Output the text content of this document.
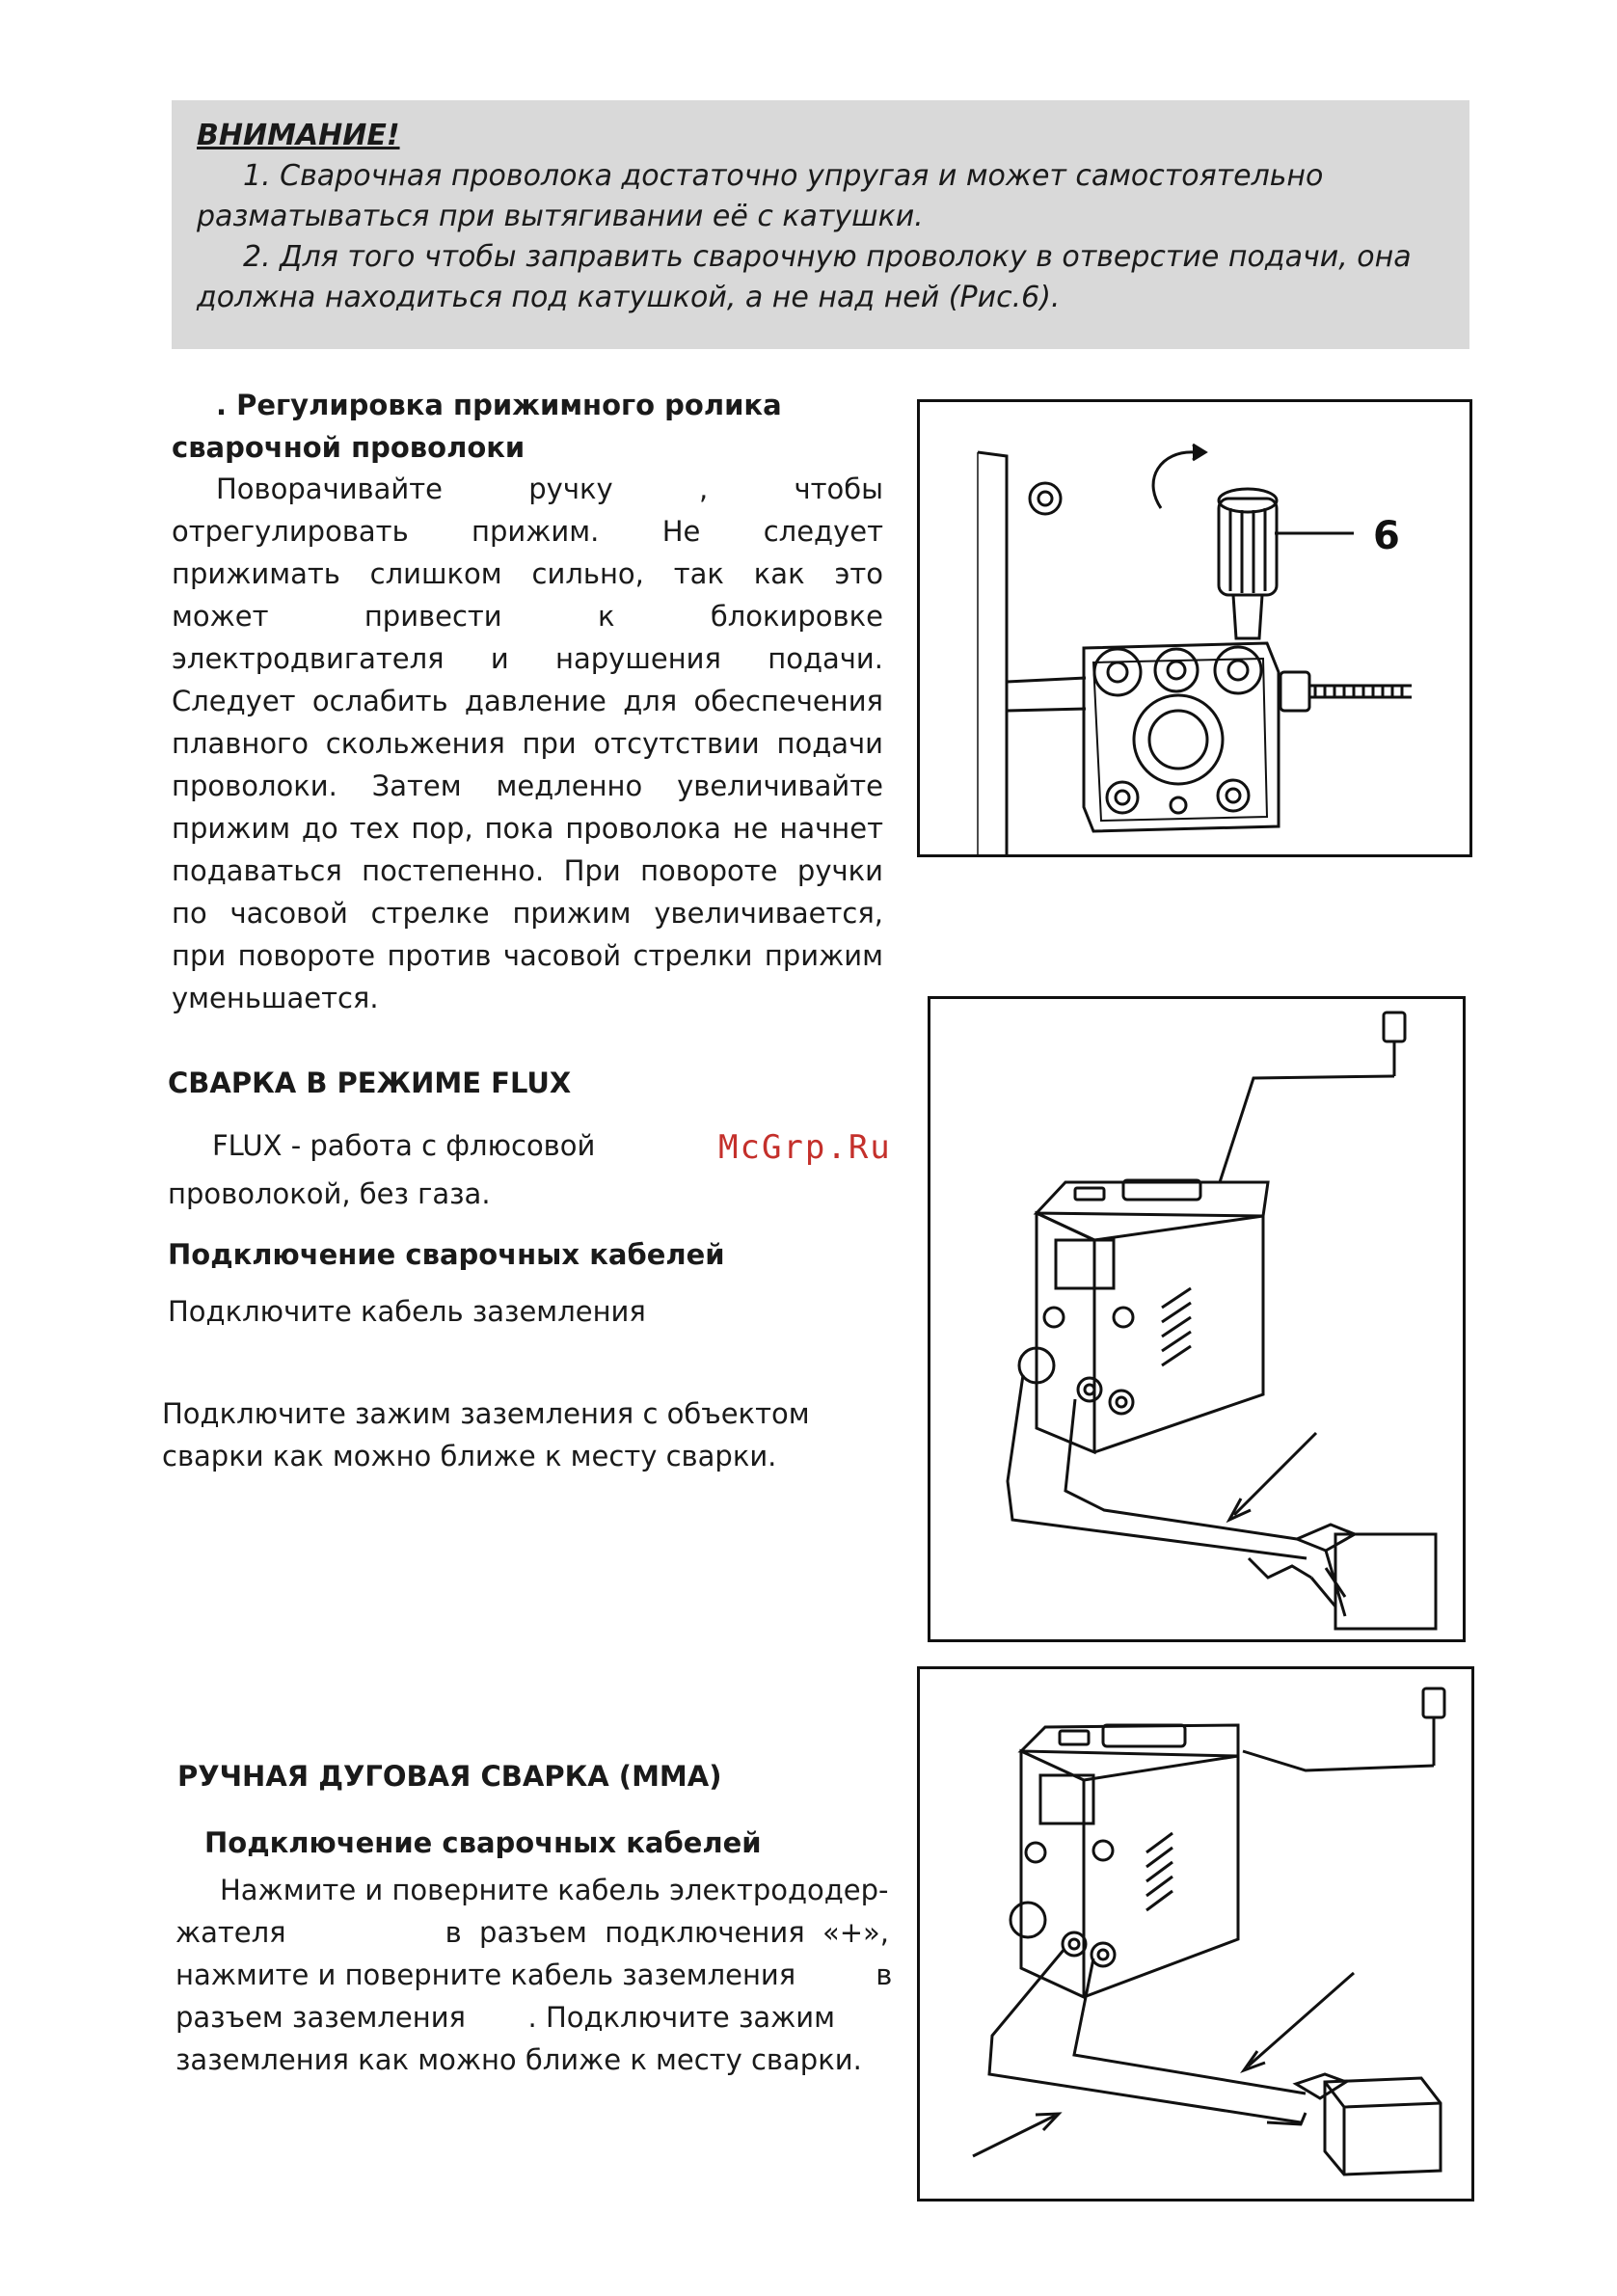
ВНИМАНИЕ!

1. Сварочная проволока достаточно упругая и может самостоятельно разматываться при вытягивании её с катушки.

2. Для того чтобы заправить сварочную проволоку в отверстие подачи, она должна находиться под катушкой, а не над ней (Рис.6).

. Регулировка прижимного ролика сварочной проволоки
Поворачивайте ручку , чтобы отрегулировать прижим. Не следует прижимать слишком сильно, так как это может привести к блокировке электродвигателя и нарушения подачи. Следует ослабить давление для обеспечения плавного скольжения при отсутствии подачи проволоки. Затем медленно увеличивайте прижим до тех пор, пока проволока не начнет подаваться постепенно. При повороте ручки по часовой стрелке прижим увеличивается, при повороте против часовой стрелки прижим уменьшается.
6
СВАРКА В РЕЖИМЕ FLUX
FLUX - работа с флюсовой
проволокой, без газа.
Подключение сварочных кабелей
Подключите кабель заземления
Подключите зажим заземления с объектом сварки как можно ближе к месту сварки.
McGrp.Ru
РУЧНАЯ ДУГОВАЯ СВАРКА (MMA)
Подключение сварочных кабелей
Нажмите и поверните кабель электрододер-
жателя         в разъем подключения «+»,
нажмите и поверните кабель заземления         в
разъем заземления       . Подключите зажим
заземления как можно ближе к месту сварки.
